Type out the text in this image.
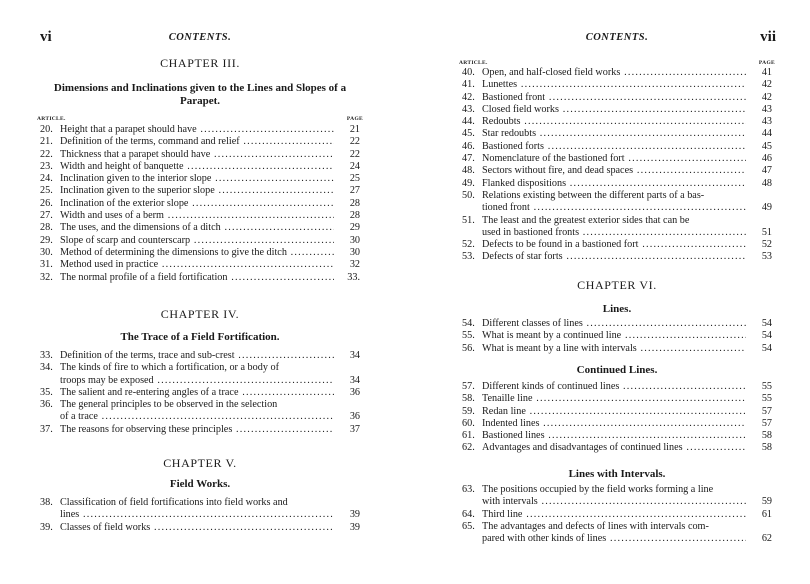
vi	CONTENTS.
CHAPTER III.
Dimensions and Inclinations given to the Lines and Slopes of a Parapet.
ARTICLE.	PAGE
20. Height that a parapet should have .....	21
21. Definition of the terms, command and relief .....	22
22. Thickness that a parapet should have .....	22
23. Width and height of banquette .....	24
24. Inclination given to the interior slope .....	25
25. Inclination given to the superior slope .....	27
26. Inclination of the exterior slope .....	28
27. Width and uses of a berm .....	28
28. The uses, and the dimensions of a ditch .....	29
29. Slope of scarp and counterscarp .....	30
30. Method of determining the dimensions to give the ditch .....	30
31. Method used in practice .....	32
32. The normal profile of a field fortification .....	33.
CHAPTER IV.
The Trace of a Field Fortification.
33. Definition of the terms, trace and sub-crest .....	34
34. The kinds of fire to which a fortification, or a body of
troops may be exposed .....	34
35. The salient and re-entering angles of a trace .....	36
36. The general principles to be observed in the selection
of a trace .....	36
37. The reasons for observing these principles .....	37
CHAPTER V.
Field Works.
38. Classification of field fortifications into field works and
lines .....	39
39. Classes of field works .....	39
CONTENTS.	vii
ARTICLE.	PAGE
40. Open, and half-closed field works .....	41
41. Lunettes .....	42
42. Bastioned front .....	42
43. Closed field works .....	43
44. Redoubts .....	43
45. Star redoubts .....	44
46. Bastioned forts .....	45
47. Nomenclature of the bastioned fort .....	46
48. Sectors without fire, and dead spaces .....	47
49. Flanked dispositions .....	48
50. Relations existing between the different parts of a bas-
tioned front .....	49
51. The least and the greatest exterior sides that can be
used in bastioned fronts .....	51
52. Defects to be found in a bastioned fort .....	52
53. Defects of star forts .....	53
CHAPTER VI.
Lines.
54. Different classes of lines .....	54
55. What is meant by a continued line .....	54
56. What is meant by a line with intervals .....	54
Continued Lines.
57. Different kinds of continued lines .....	55
58. Tenaille line .....	55
59. Redan line .....	57
60. Indented lines .....	57
61. Bastioned lines .....	58
62. Advantages and disadvantages of continued lines .....	58
Lines with Intervals.
63. The positions occupied by the field works forming a line
with intervals .....	59
64. Third line .....	61
65. The advantages and defects of lines with intervals com-
pared with other kinds of lines .....	62
